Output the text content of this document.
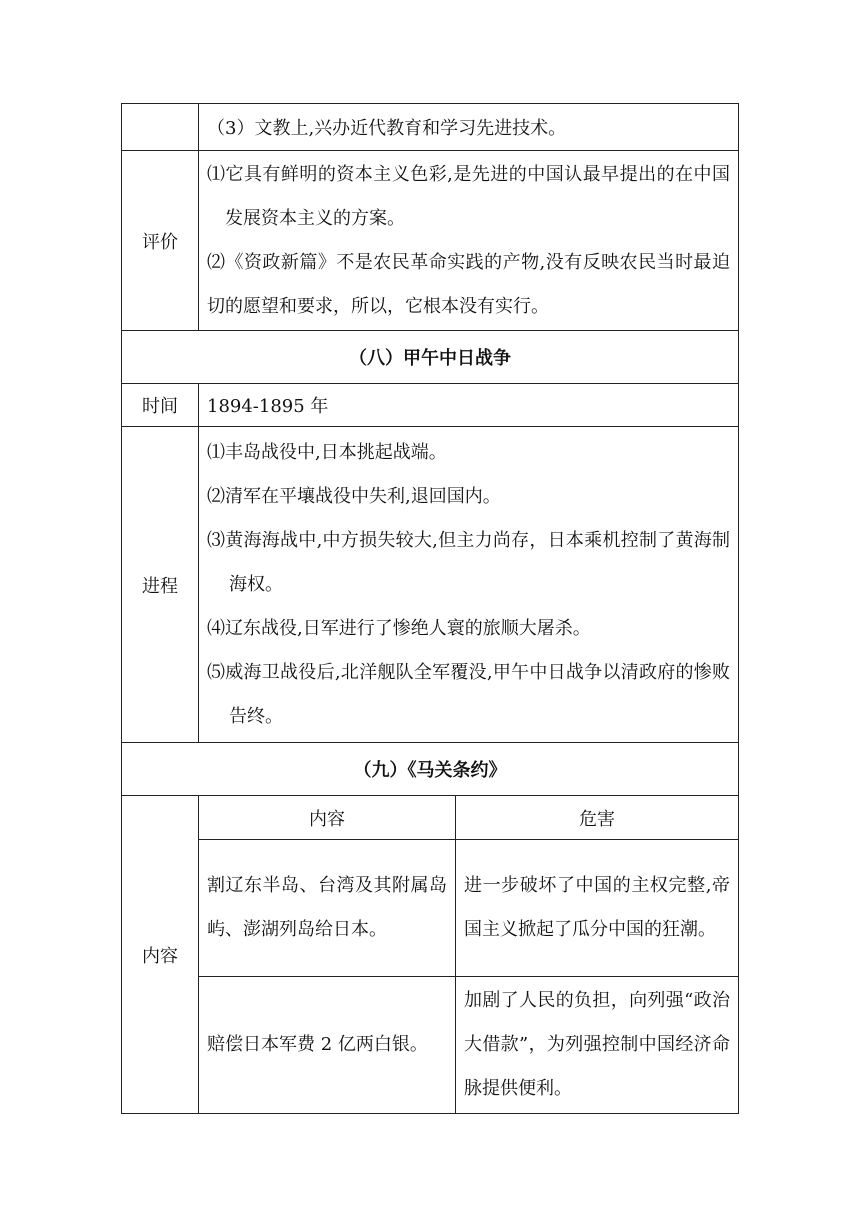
	（3）文教上,兴办近代教育和学习先进技术。	
评价	⑴它具有鲜明的资本主义色彩,是先进的中国认最早提出的在中国发展资本主义的方案。

⑵《资政新篇》不是农民革命实践的产物,没有反映农民当时最迫切的愿望和要求，所以，它根本没有实行。	

（八）甲午中日战争		
时间	1894-1895 年	
进程	⑴丰岛战役中,日本挑起战端。

⑵清军在平壤战役中失利,退回国内。

⑶黄海海战中,中方损失较大,但主力尚存，日本乘机控制了黄海制海权。

⑷辽东战役,日军进行了惨绝人寰的旅顺大屠杀。

⑸威海卫战役后,北洋舰队全军覆没,甲午中日战争以清政府的惨败告终。	

（九）《马关条约》		
内容	内容	危害

	割辽东半岛、台湾及其附属岛屿、澎湖列岛给日本。	进一步破坏了中国的主权完整,帝国主义掀起了瓜分中国的狂潮。

	赔偿日本军费 2 亿两白银。	加剧了人民的负担，向列强“政治大借款”，为列强控制中国经济命脉提供便利。
